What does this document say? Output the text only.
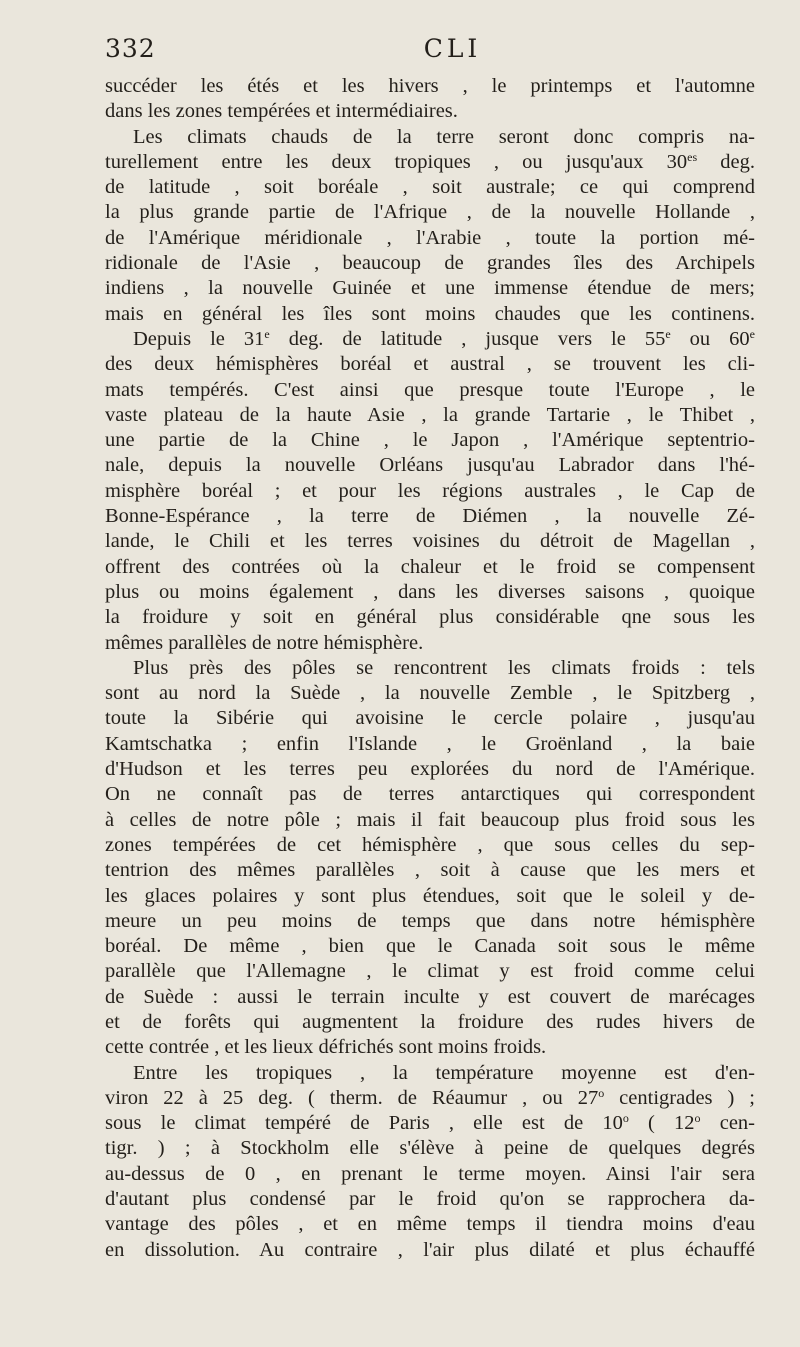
332	CLI
succéder les étés et les hivers , le printemps et l'automne
dans les zones tempérées et intermédiaires.
Les climats chauds de la terre seront donc compris na-
turellement entre les deux tropiques , ou jusqu'aux $30^{es}$ deg.
de latitude , soit boréale , soit australe; ce qui comprend
la plus grande partie de l'Afrique , de la nouvelle Hollande ,
de l'Amérique méridionale , l'Arabie , toute la portion mé-
ridionale de l'Asie , beaucoup de grandes îles des Archipels
indiens , la nouvelle Guinée et une immense étendue de mers;
mais en général les îles sont moins chaudes que les continens.
Depuis le 31e deg. de latitude , jusque vers le 55e ou 60e
des deux hémisphères boréal et austral , se trouvent les cli-
mats tempérés. C'est ainsi que presque toute l'Europe , le
vaste plateau de la haute Asie , la grande Tartarie , le Thibet ,
une partie de la Chine , le Japon , l'Amérique septentrio-
nale, depuis la nouvelle Orléans jusqu'au Labrador dans l'hé-
misphère boréal ; et pour les régions australes , le Cap de
Bonne-Espérance , la terre de Diémen , la nouvelle Zé-
lande, le Chili et les terres voisines du détroit de Magellan ,
offrent des contrées où la chaleur et le froid se compensent
plus ou moins également , dans les diverses saisons , quoique
la froidure y soit en général plus considérable qne sous les
mêmes parallèles de notre hémisphère.
Plus près des pôles se rencontrent les climats froids : tels
sont au nord la Suède , la nouvelle Zemble , le Spitzberg ,
toute la Sibérie qui avoisine le cercle polaire , jusqu'au
Kamtschatka ; enfin l'Islande , le Groënland , la baie
d'Hudson et les terres peu explorées du nord de l'Amérique.
On ne connaît pas de terres antarctiques qui correspondent
à celles de notre pôle ; mais il fait beaucoup plus froid sous les
zones tempérées de cet hémisphère , que sous celles du sep-
tentrion des mêmes parallèles , soit à cause que les mers et
les glaces polaires y sont plus étendues, soit que le soleil y de-
meure un peu moins de temps que dans notre hémisphère
boréal. De même , bien que le Canada soit sous le même
parallèle que l'Allemagne , le climat y est froid comme celui
de Suède : aussi le terrain inculte y est couvert de marécages
et de forêts qui augmentent la froidure des rudes hivers de
cette contrée , et les lieux défrichés sont moins froids.
Entre les tropiques , la température moyenne est d'en-
viron 22 à 25 deg. ( therm. de Réaumur , ou 27$^o$ centigrades ) ;
sous le climat tempéré de Paris , elle est de 10$^o$ ( 12$^o$ cen-
tigr. ) ; à Stockholm elle s'élève à peine de quelques degrés
au-dessus de 0 , en prenant le terme moyen. Ainsi l'air sera
d'autant plus condensé par le froid qu'on se rapprochera da-
vantage des pôles , et en même temps il tiendra moins d'eau
en dissolution. Au contraire , l'air plus dilaté et plus échauffé
